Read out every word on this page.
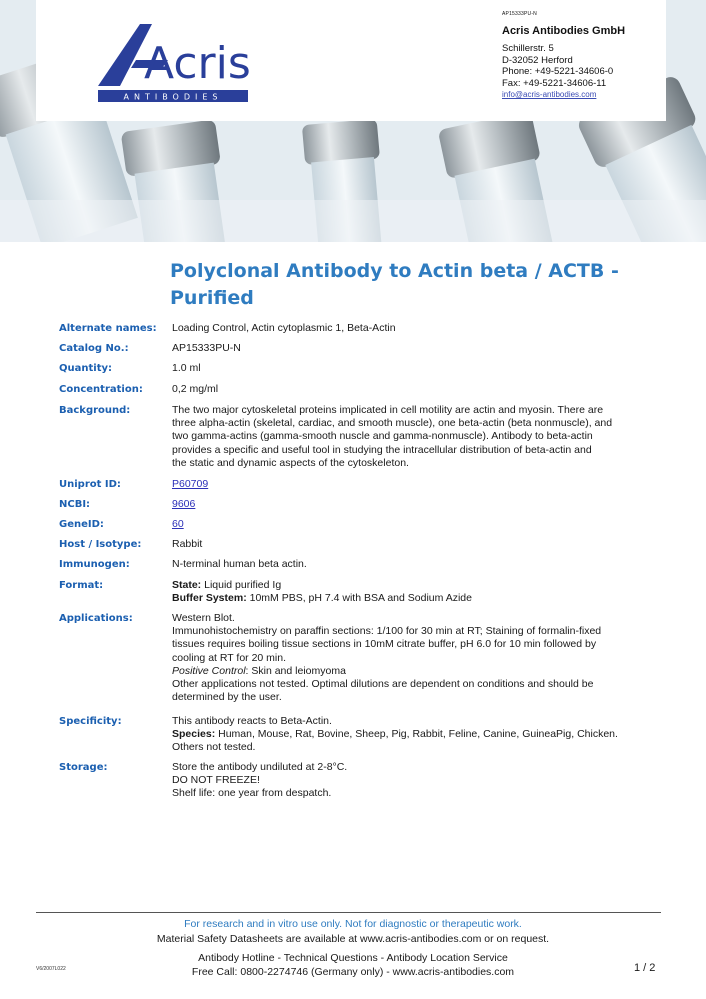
Acris
ANTIBODIES
AP15333PU-N
Acris Antibodies GmbH
Schillerstr. 5
D-32052 Herford
Phone: +49-5221-34606-0
Fax: +49-5221-34606-11
info@acris-antibodies.com
Polyclonal Antibody to Actin beta / ACTB - Purified
Alternate names:	Loading Control, Actin cytoplasmic 1, Beta-Actin
Catalog No.:	AP15333PU-N
Quantity:	1.0 ml
Concentration:	0,2 mg/ml
Background:	The two major cytoskeletal proteins implicated in cell motility are actin and myosin. There are
three alpha-actin (skeletal, cardiac, and smooth muscle), one beta-actin (beta nonmuscle), and
two gamma-actins (gamma-smooth nuscle and gamma-nonmuscle). Antibody to beta-actin
provides a specific and useful tool in studying the intracellular distribution of beta-actin and
the static and dynamic aspects of the cytoskeleton.
Uniprot ID:	P60709
NCBI:	9606
GeneID:	60
Host / Isotype:	Rabbit
Immunogen:	N-terminal human beta actin.
Format:	State: Liquid purified Ig
Buffer System: 10mM PBS, pH 7.4 with BSA and Sodium Azide
Applications:	Western Blot.
Immunohistochemistry on paraffin sections: 1/100 for 30 min at RT; Staining of formalin-fixed
tissues requires boiling tissue sections in 10mM citrate buffer, pH 6.0 for 10 min followed by
cooling at RT for 20 min.
Positive Control: Skin and leiomyoma
Other applications not tested. Optimal dilutions are dependent on conditions and should be
determined by the user.
Specificity:	This antibody reacts to Beta-Actin.
Species: Human, Mouse, Rat, Bovine, Sheep, Pig, Rabbit, Feline, Canine, GuineaPig, Chicken.
Others not tested.
Storage:	Store the antibody undiluted at 2-8°C.
DO NOT FREEZE!
Shelf life: one year from despatch.
For research and in vitro use only. Not for diagnostic or therapeutic work.
Material Safety Datasheets are available at www.acris-antibodies.com or on request.
Antibody Hotline - Technical Questions - Antibody Location Service
Free Call: 0800-2274746 (Germany only) - www.acris-antibodies.com
V6/2007L022	1 / 2
